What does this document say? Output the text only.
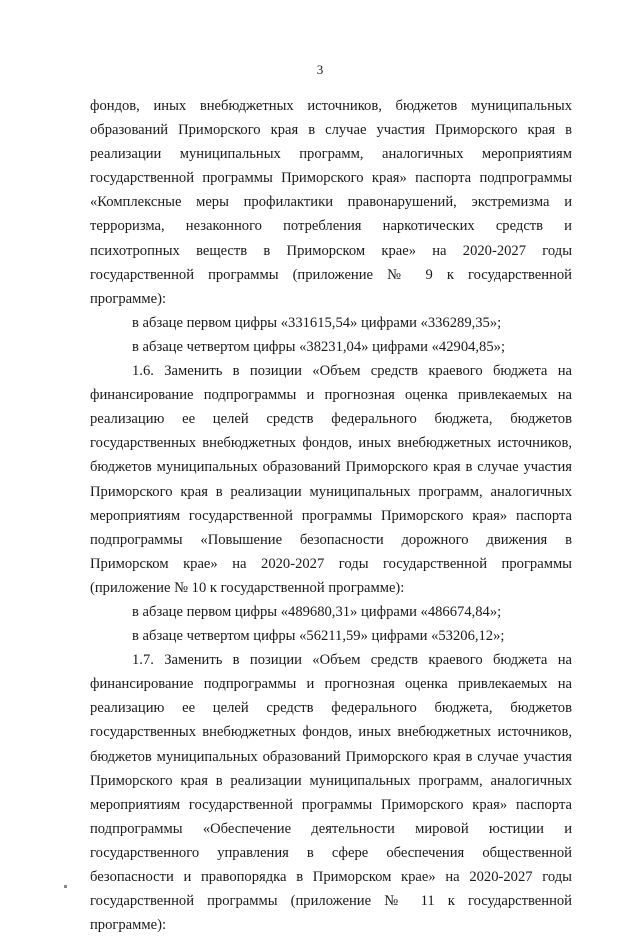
3

фондов, иных внебюджетных источников, бюджетов муниципальных образований Приморского края в случае участия Приморского края в реализации муниципальных программ, аналогичных мероприятиям государственной программы Приморского края» паспорта подпрограммы «Комплексные меры профилактики правонарушений, экстремизма и терроризма, незаконного потребления наркотических средств и психотропных веществ в Приморском крае» на 2020-2027 годы государственной программы (приложение № 9 к государственной программе):

в абзаце первом цифры «331615,54» цифрами «336289,35»;

в абзаце четвертом цифры «38231,04» цифрами «42904,85»;

1.6. Заменить в позиции «Объем средств краевого бюджета на финансирование подпрограммы и прогнозная оценка привлекаемых на реализацию ее целей средств федерального бюджета, бюджетов государственных внебюджетных фондов, иных внебюджетных источников, бюджетов муниципальных образований Приморского края в случае участия Приморского края в реализации муниципальных программ, аналогичных мероприятиям государственной программы Приморского края» паспорта подпрограммы «Повышение безопасности дорожного движения в Приморском крае» на 2020-2027 годы государственной программы (приложение № 10 к государственной программе):

в абзаце первом цифры «489680,31» цифрами «486674,84»;

в абзаце четвертом цифры «56211,59» цифрами «53206,12»;

1.7. Заменить в позиции «Объем средств краевого бюджета на финансирование подпрограммы и прогнозная оценка привлекаемых на реализацию ее целей средств федерального бюджета, бюджетов государственных внебюджетных фондов, иных внебюджетных источников, бюджетов муниципальных образований Приморского края в случае участия Приморского края в реализации муниципальных программ, аналогичных мероприятиям государственной программы Приморского края» паспорта подпрограммы «Обеспечение деятельности мировой юстиции и государственного управления в сфере обеспечения общественной безопасности и правопорядка в Приморском крае» на 2020-2027 годы государственной программы (приложение № 11 к государственной программе):
